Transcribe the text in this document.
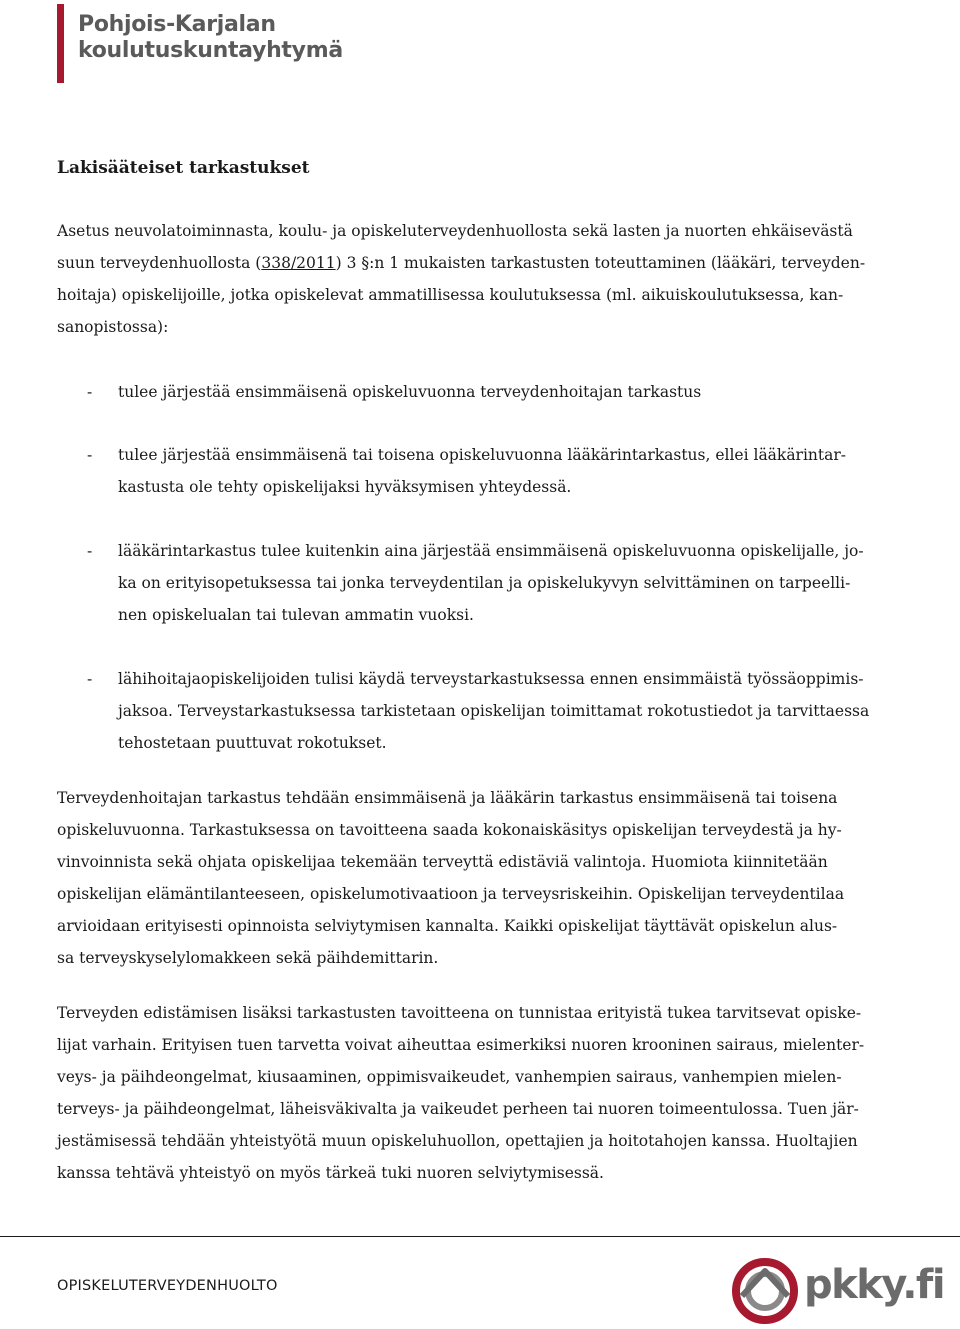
Pohjois-Karjalan
koulutuskuntayhtymä
Lakisääteiset tarkastukset

Asetus neuvolatoiminnasta, koulu- ja opiskeluterveydenhuollosta sekä lasten ja nuorten ehkäisevästä
suun terveydenhuollosta (338/2011) 3 §:n 1 mukaisten tarkastusten toteuttaminen (lääkäri, terveyden-
hoitaja) opiskelijoille, jotka opiskelevat ammatillisessa koulutuksessa (ml. aikuiskoulutuksessa, kan-
sanopistossa):

- tulee järjestää ensimmäisenä opiskeluvuonna terveydenhoitajan tarkastus
- tulee järjestää ensimmäisenä tai toisena opiskeluvuonna lääkärintarkastus, ellei lääkärintar-
kastusta ole tehty opiskelijaksi hyväksymisen yhteydessä.
- lääkärintarkastus tulee kuitenkin aina järjestää ensimmäisenä opiskeluvuonna opiskelijalle, jo-
ka on erityisopetuksessa tai jonka terveydentilan ja opiskelukyvyn selvittäminen on tarpeelli-
nen opiskelualan tai tulevan ammatin vuoksi.
- lähihoitajaopiskelijoiden tulisi käydä terveystarkastuksessa ennen ensimmäistä työssäoppimis-
jaksoa. Terveystarkastuksessa tarkistetaan opiskelijan toimittamat rokotustiedot ja tarvittaessa
tehostetaan puuttuvat rokotukset.

Terveydenhoitajan tarkastus tehdään ensimmäisenä ja lääkärin tarkastus ensimmäisenä tai toisena
opiskeluvuonna. Tarkastuksessa on tavoitteena saada kokonaiskäsitys opiskelijan terveydestä ja hy-
vinvoinnista sekä ohjata opiskelijaa tekemään terveyttä edistäviä valintoja. Huomiota kiinnitetään
opiskelijan elämäntilanteeseen, opiskelumotivaatioon ja terveysriskeihin. Opiskelijan terveydentilaa
arvioidaan erityisesti opinnoista selviytymisen kannalta. Kaikki opiskelijat täyttävät opiskelun alus-
sa terveyskyselylomakkeen sekä päihdemittarin.

Terveyden edistämisen lisäksi tarkastusten tavoitteena on tunnistaa erityistä tukea tarvitsevat opiske-
lijat varhain. Erityisen tuen tarvetta voivat aiheuttaa esimerkiksi nuoren krooninen sairaus, mielenter-
veys- ja päihdeongelmat, kiusaaminen, oppimisvaikeudet, vanhempien sairaus, vanhempien mielen-
terveys- ja päihdeongelmat, läheisväkivalta ja vaikeudet perheen tai nuoren toimeentulossa. Tuen jär-
jestämisessä tehdään yhteistyötä muun opiskeluhuollon, opettajien ja hoitotahojen kanssa. Huoltajien
kanssa tehtävä yhteistyö on myös tärkeä tuki nuoren selviytymisessä.

OPISKELUTERVEYDENHUOLTO	pkky.fi
